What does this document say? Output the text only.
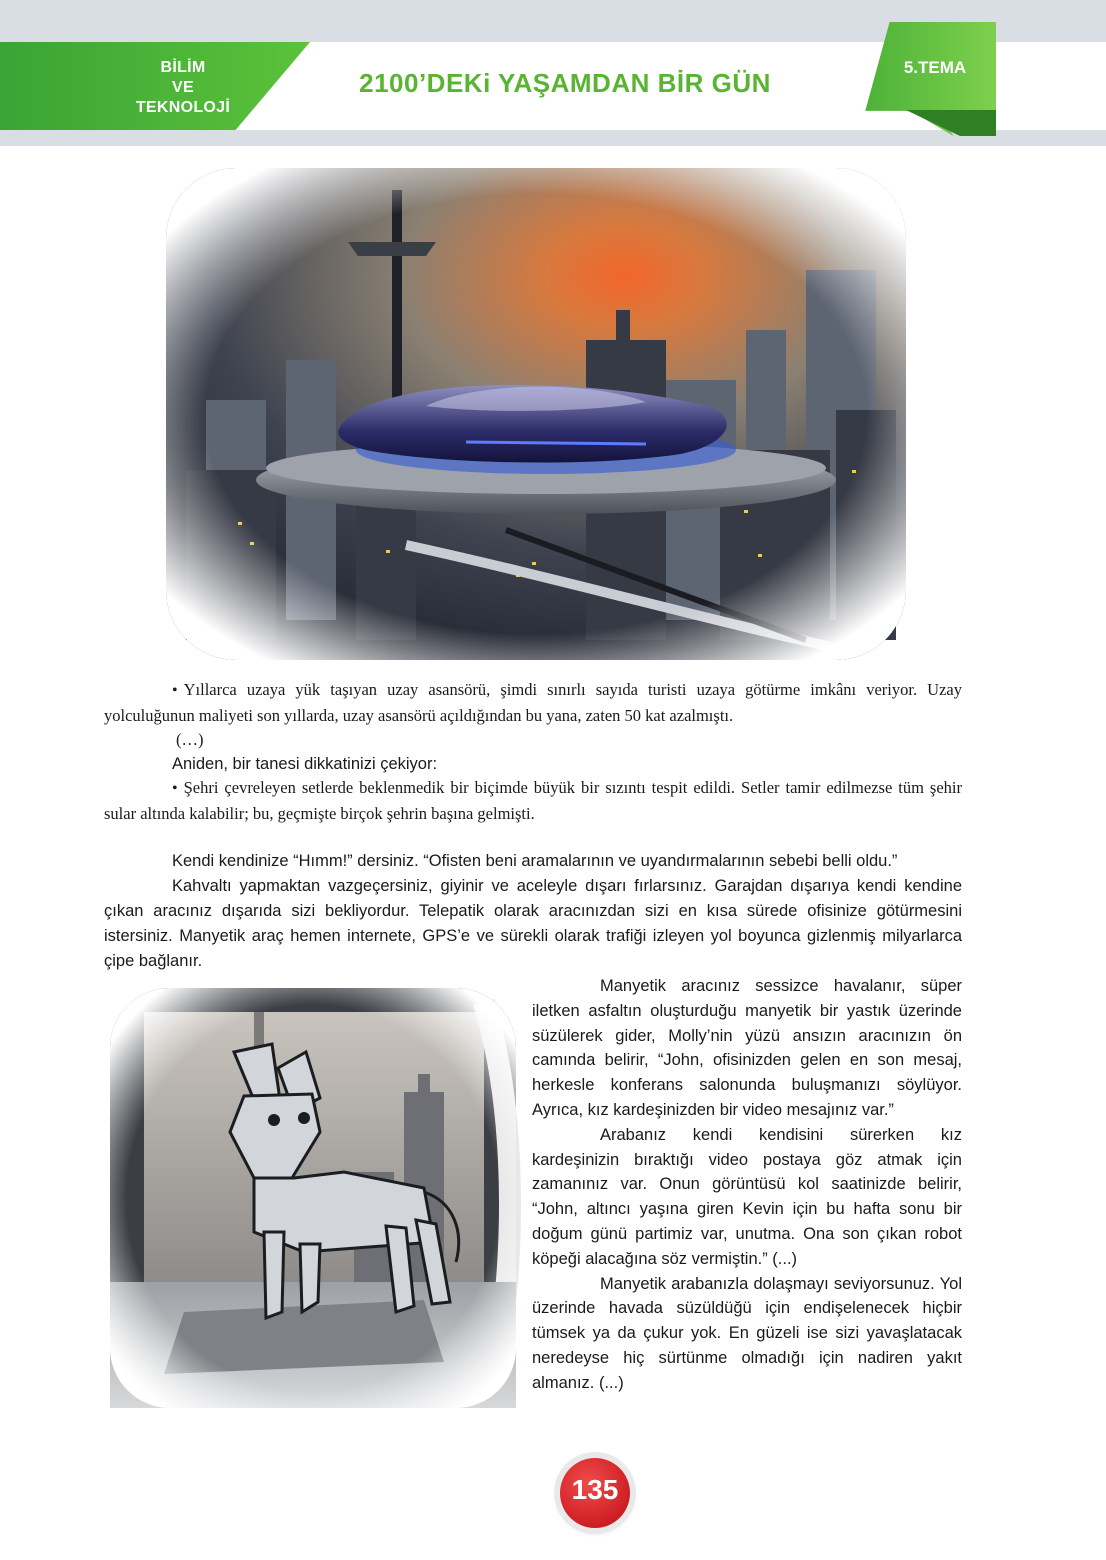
BİLİM
VE
TEKNOLOJİ
2100’DEKi YAŞAMDAN BİR GÜN
5.TEMA

• Yıllarca uzaya yük taşıyan uzay asansörü, şimdi sınırlı sayıda turisti uzaya götürme imkânı veriyor. Uzay yolculuğunun maliyeti son yıllarda, uzay asansörü açıldığından bu yana, zaten 50 kat azalmıştı.

(…)

Aniden, bir tanesi dikkatinizi çekiyor:

• Şehri çevreleyen setlerde beklenmedik bir biçimde büyük bir sızıntı tespit edildi. Setler tamir edilmezse tüm şehir sular altında kalabilir; bu, geçmişte birçok şehrin başına gelmişti.

Kendi kendinize “Hımm!” dersiniz. “Ofisten beni aramalarının ve uyandırmalarının sebebi belli oldu.”

Kahvaltı yapmaktan vazgeçersiniz, giyinir ve aceleyle dışarı fırlarsınız. Garajdan dışarıya kendi kendine çıkan aracınız dışarıda sizi bekliyordur. Telepatik olarak aracınızdan sizi en kısa sürede ofisinize götürmesini istersiniz. Manyetik araç hemen internete, GPS’e ve sürekli olarak trafiği izleyen yol boyunca gizlenmiş milyarlarca çipe bağlanır.

Manyetik aracınız sessizce havalanır, süper iletken asfaltın oluşturduğu manyetik bir yastık üzerinde süzülerek gider, Molly’nin yüzü ansızın aracınızın ön camında belirir, “John, ofisinizden gelen en son mesaj, herkesle konferans salonunda buluşmanızı söylüyor. Ayrıca, kız kardeşinizden bir video mesajınız var.”

Arabanız kendi kendisini sürerken kız kardeşinizin bıraktığı video postaya göz atmak için zamanınız var. Onun görüntüsü kol saatinizde belirir, “John, altıncı yaşına giren Kevin için bu hafta sonu bir doğum günü partimiz var, unutma. Ona son çıkan robot köpeği alacağına söz vermiştin.” (...)

Manyetik arabanızla dolaşmayı seviyorsunuz. Yol üzerinde havada süzüldüğü için endişelenecek hiçbir tümsek ya da çukur yok. En güzeli ise sizi yavaşlatacak neredeyse hiç sürtünme olmadığı için nadiren yakıt almanız. (...)

135
